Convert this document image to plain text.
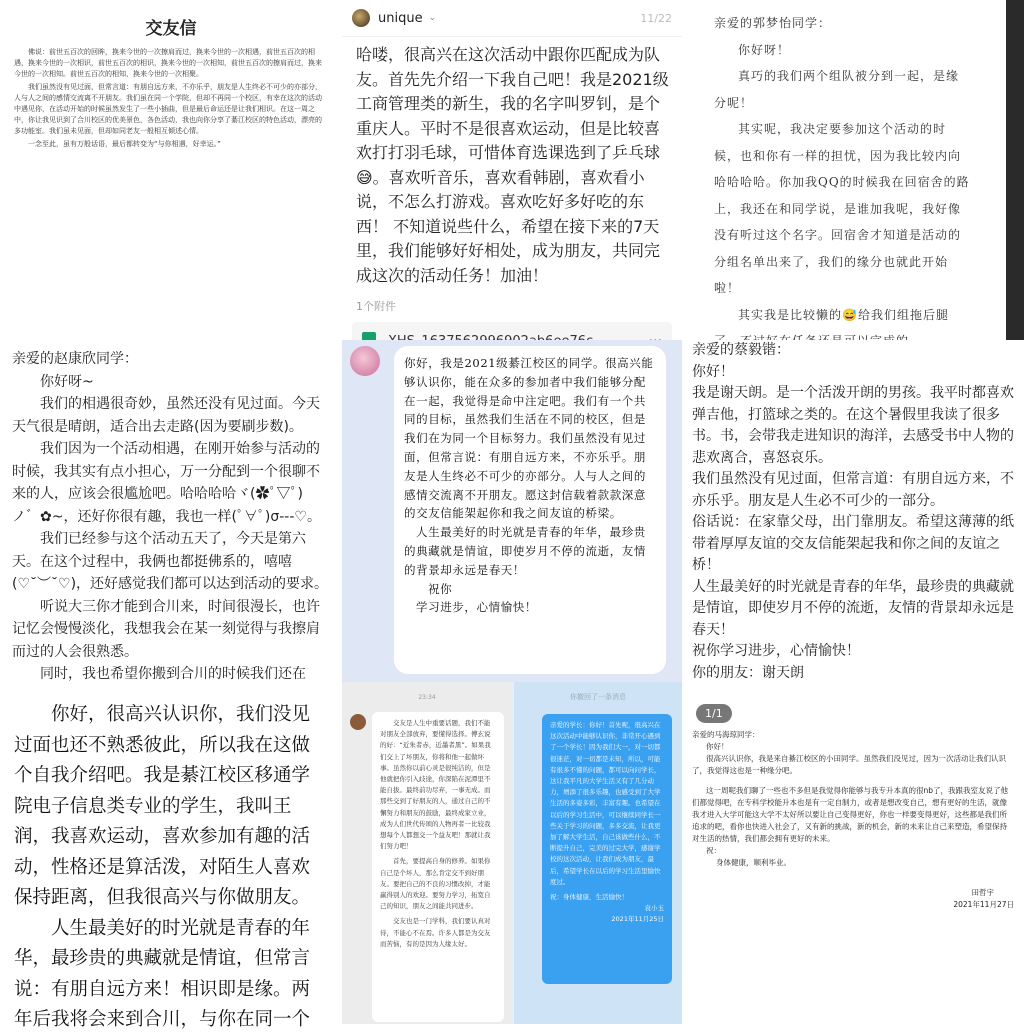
交友信

佛说：前世五百次的回眸，换来今世的一次擦肩而过，换来今世的一次相遇，前世五百次的相遇，换来今世的一次相识，前世五百次的相识，换来今世的一次相知，前世五百次的擦肩而过，换来今世的一次相知。前世五百次的相知，换来今世的一次相聚。

我们虽然没有见过面，但常言道：有朋自远方来，不亦乐乎，朋友是人生终必不可少的亦部分，人与人之间的感情交流离不开朋友。我们虽在同一个学院，但却不再同一个校区，有幸在这次的活动中遇见你，在活动开始的时候虽然发生了一些小插曲，但是最后命运还是让我们相识。在这一周之中，你让我见识到了合川校区的优美景色，各色活动，我也向你分享了綦江校区的特色活动，漂亮的多功能室。我们虽未见面，但却如同老友一般相互倾述心情。

一念至此，虽有万般话语，最后都转变为“与你相遇，好幸运。”

unique ⌄	11/22
哈喽，很高兴在这次活动中跟你匹配成为队友。首先先介绍一下我自己吧！我是2021级工商管理类的新生，我的名字叫罗钊，是个重庆人。平时不是很喜欢运动，但是比较喜欢打打羽毛球，可惜体育选课选到了乒乓球😅。喜欢听音乐，喜欢看韩剧，喜欢看小说，不怎么打游戏。喜欢吃好多好吃的东西！ 不知道说些什么，希望在接下来的7天里，我们能够好好相处，成为朋友，共同完成这次的活动任务！加油！
1个附件

亲爱的郭梦怡同学：

你好呀！

真巧的我们两个组队被分到一起，是缘

分呢！

其实呢，我决定要参加这个活动的时

候，也和你有一样的担忧，因为我比较内向

哈哈哈哈。你加我QQ的时候我在回宿舍的路

上，我还在和同学说，是谁加我呢，我好像

没有听过这个名字。回宿舍才知道是活动的

分组名单出来了，我们的缘分也就此开始

啦！

其实我是比较懒的😅给我们组拖后腿

亲爱的赵康欣同学：

你好呀~

我们的相遇很奇妙，虽然还没有见过面。今天天气很是晴朗，适合出去走路(因为要刷步数)。

我们因为一个活动相遇，在刚开始参与活动的时候，我其实有点小担心，万一分配到一个很聊不来的人，应该会很尴尬吧。哈哈哈哈ヾ(✿ﾟ▽ﾟ)ノ゛✿~，还好你很有趣，我也一样(ﾟ∀ﾟ)σ---♡。

我们已经参与这个活动五天了，今天是第六天。在这个过程中，我俩也都挺佛系的，嘻嘻(♡˘︶˘♡)，还好感觉我们都可以达到活动的要求。

听说大三你才能到合川来，时间很漫长，也许记忆会慢慢淡化，我想我会在某一刻觉得与我擦肩而过的人会很熟悉。

同时，我也希望你搬到合川的时候我们还在

你好，我是2021级綦江校区的同学。很高兴能够认识你，能在众多的参加者中我们能够分配在一起，我觉得是命中注定吧。我们有一个共同的目标，虽然我们生活在不同的校区，但是我们在为同一个目标努力。我们虽然没有见过面，但常言说：有朋自远方来，不亦乐乎。朋友是人生终必不可少的亦部分。人与人之间的感情交流离不开朋友。愿这封信载着款款深意的交友信能架起你和我之间友谊的桥梁。

人生最美好的时光就是青春的年华，最珍贵的典藏就是情谊，即使岁月不停的流逝，友情的背景却永远是春天！

祝你

学习进步，心情愉快！

亲爱的蔡毅锴：

你好！

我是谢天朗。是一个活泼开朗的男孩。我平时都喜欢弹吉他，打篮球之类的。在这个暑假里我读了很多书。书，会带我走进知识的海洋，去感受书中人物的悲欢离合，喜怒哀乐。

我们虽然没有见过面，但常言道：有朋自远方来，不亦乐乎。朋友是人生必不可少的一部分。

俗话说：在家靠父母，出门靠朋友。希望这薄薄的纸带着厚厚友谊的交友信能架起我和你之间的友谊之桥！

人生最美好的时光就是青春的年华，最珍贵的典藏就是情谊，即使岁月不停的流逝，友情的背景却永远是春天！

祝你学习进步，心情愉快！

你的朋友：谢天朗

你好，很高兴认识你，我们没见过面也还不熟悉彼此，所以我在这做个自我介绍吧。我是綦江校区移通学院电子信息类专业的学生，我叫王润，我喜欢运动，喜欢参加有趣的活动，性格还是算活泼，对陌生人喜欢保持距离，但我很高兴与你做朋友。

人生最美好的时光就是青春的年华，最珍贵的典藏就是情谊，但常言说：有朋自远方来！相识即是缘。两年后我将会来到合川，与你在同一个

23:34

交友是人生中重要话题，我们不能对朋友全部放弃，要懂得选择。傅玄说的好：“近朱者赤，近墨者黑”。如果我们交上了坏朋友，你将和他一起做坏事。虽然你以前心灵是很纯洁的，但是他就把你引入歧途，你深陷在泥潭里不能自拔。最终前功尽弃，一事无成。而那些交到了好朋友的人，通过自己的不懈努力和朋友的鼓励，最终成家立业，成为人们世代传颂的人物再者一比较我想每个人都想交一个益友吧！那就让我们努力吧！

首先，要提高自身的修养。如果你自己是个坏人，那么肯定交不到好朋友。要把自己的不良的习惯改掉，才能赢得别人的欢迎。要努力学习，拓宽自己的知识，朋友之间能共同进步。

交友也是一门学科，我们要认真对待，不能心不在焉。许多人都是为交友而苦恼，有的是因为人缘太好。

你撤回了一条消息

亲爱的学长：你好！首先呢，很高兴在这次活动中能够认识你，非常开心遇到了一个学长！因为我们大一，对一切都很迷茫，对一切都是未知，所以，可能有很多不懂的问题，都可以向问学长，这让我平凡的大学生活又有了几分动力，增添了很多乐趣，也感受到了大学生活的多姿多彩，丰富有趣。也希望在以后的学习生活中，可以继续同学长一些关于学习的问题，多多交流，让我更加了解大学生活，自己该做些什么，不断提升自己，完美的过完大学，感谢学校的这次活动，让我们成为朋友，最后，希望学长在以后的学习生活里愉快度过。

祝：身体健康，生活愉快！

袁小玉

2021年11月25日

1/1

亲爱的马海琼同学：

你好！

很高兴认识你，我是来自綦江校区的小田同学。虽然我们没见过，因为一次活动让我们认识了，我觉得这也是一种缘分吧。

这一周呢我们聊了一些也不多但是我觉得你能够与我专升本真的很nb了，我跟我室友说了他们都觉得吧，在专科学校能升本也是有一定自制力，或者是想改变自己，想有更好的生活，就像我才进入大学可能这大学不太好所以要让自己变得更好，你也一样要变得更好，这些都是我们所追求的吧，看你也快进入社会了，又有新的挑战，新的机会，新的未来让自己来塑造，希望保持对生活的热情，我们都会拥有更好的未来。

祝：

身体健康，顺利毕业。

田哲宇

2021年11月27日
